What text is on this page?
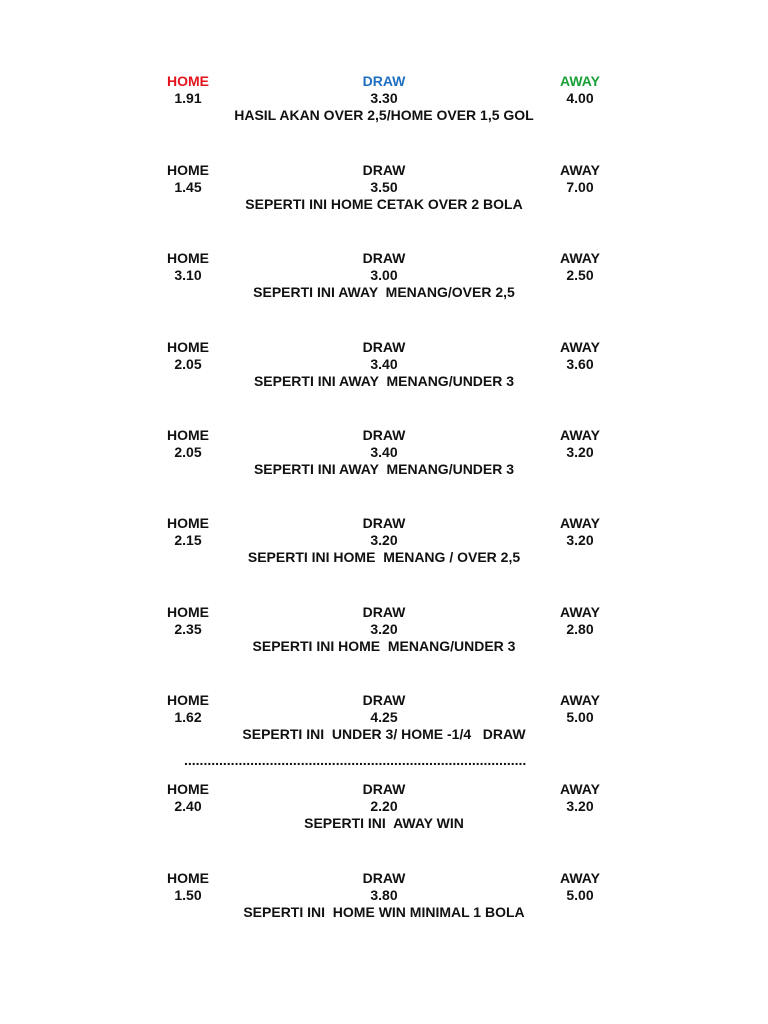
HOME	DRAW	AWAY
1.91	3.30	4.00
HASIL AKAN OVER 2,5/HOME OVER 1,5 GOL
HOME	DRAW	AWAY
1.45	3.50	7.00
SEPERTI INI HOME CETAK OVER 2 BOLA
HOME	DRAW	AWAY
3.10	3.00	2.50
SEPERTI INI AWAY  MENANG/OVER 2,5
HOME	DRAW	AWAY
2.05	3.40	3.60
SEPERTI INI AWAY  MENANG/UNDER 3
HOME	DRAW	AWAY
2.05	3.40	3.20
SEPERTI INI AWAY  MENANG/UNDER 3
HOME	DRAW	AWAY
2.15	3.20	3.20
SEPERTI INI HOME  MENANG / OVER 2,5
HOME	DRAW	AWAY
2.35	3.20	2.80
SEPERTI INI HOME  MENANG/UNDER 3
HOME	DRAW	AWAY
1.62	4.25	5.00
SEPERTI INI  UNDER 3/ HOME -1/4   DRAW
........................................................................................
HOME	DRAW	AWAY
2.40	2.20	3.20
SEPERTI INI  AWAY WIN
HOME	DRAW	AWAY
1.50	3.80	5.00
SEPERTI INI  HOME WIN MINIMAL 1 BOLA
